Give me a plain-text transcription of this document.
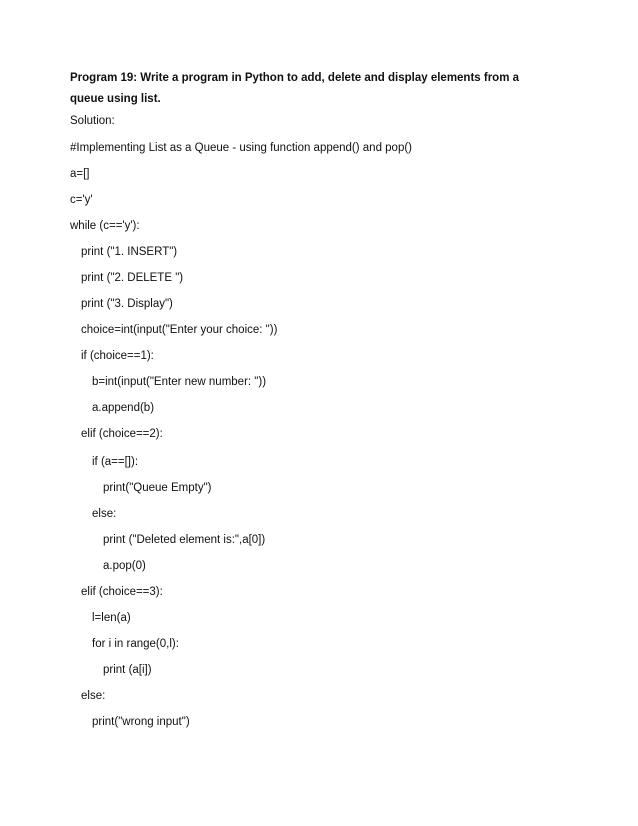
Program 19: Write a program in Python to add, delete and display elements from a queue using list.
Solution:
#Implementing List as a Queue - using function append() and pop()
a=[]
c='y'
while (c=='y'):
print ("1. INSERT")
print ("2. DELETE ")
print ("3. Display")
choice=int(input("Enter your choice: "))
if (choice==1):
b=int(input("Enter new number: "))
a.append(b)
elif (choice==2):
if (a==[]):
print("Queue Empty")
else:
print ("Deleted element is:",a[0])
a.pop(0)
elif (choice==3):
l=len(a)
for i in range(0,l):
print (a[i])
else:
print("wrong input")
